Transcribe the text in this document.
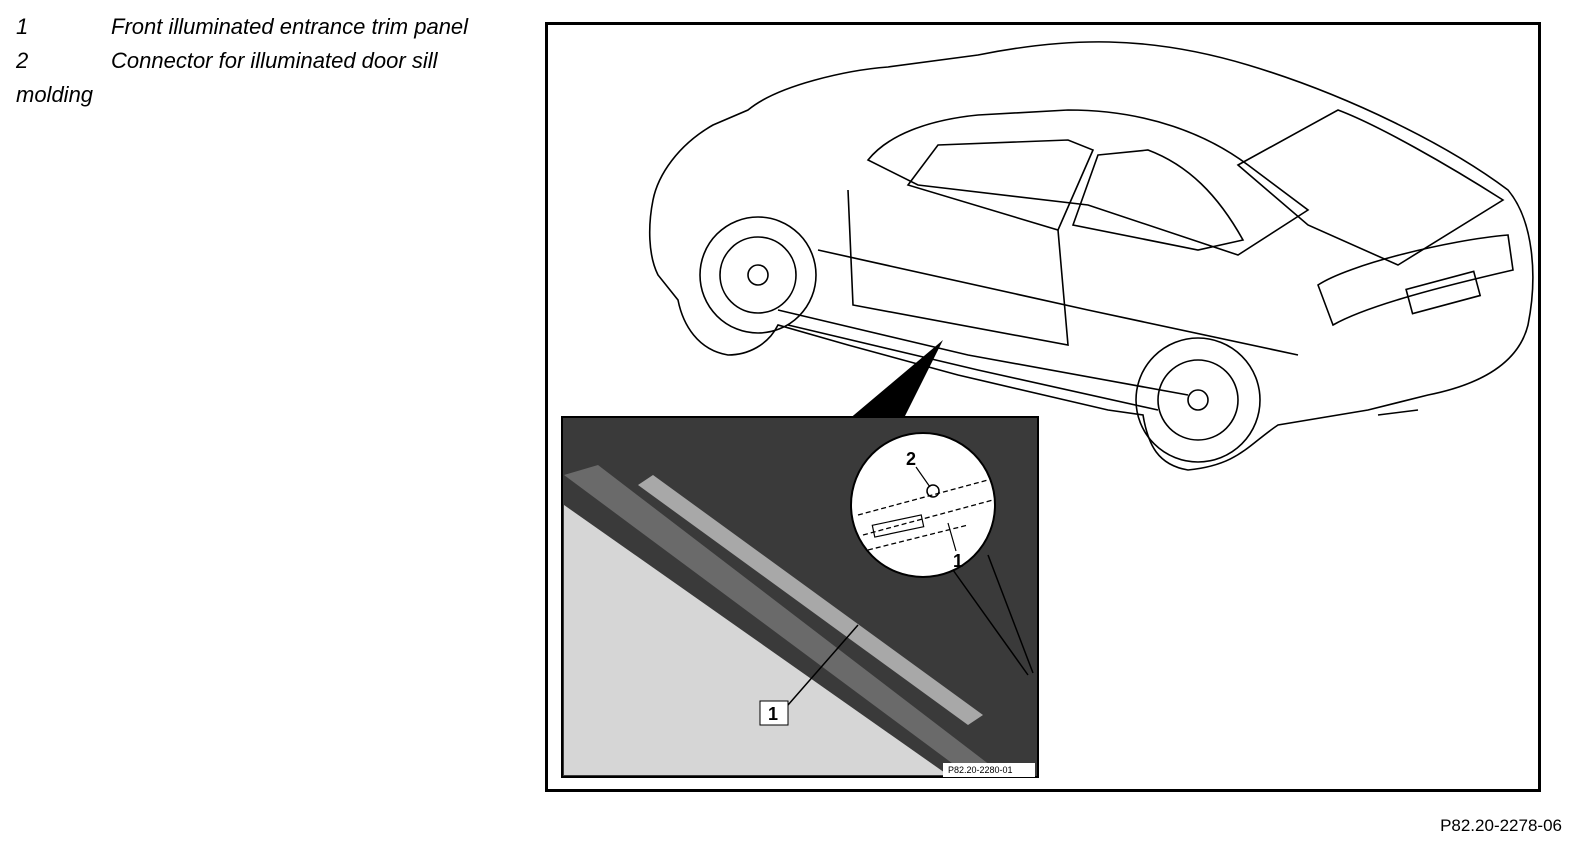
1	Front illuminated entrance trim panel
2	Connector for illuminated door sill molding
P82.20-2280-01
1
2
1
P82.20-2278-06
